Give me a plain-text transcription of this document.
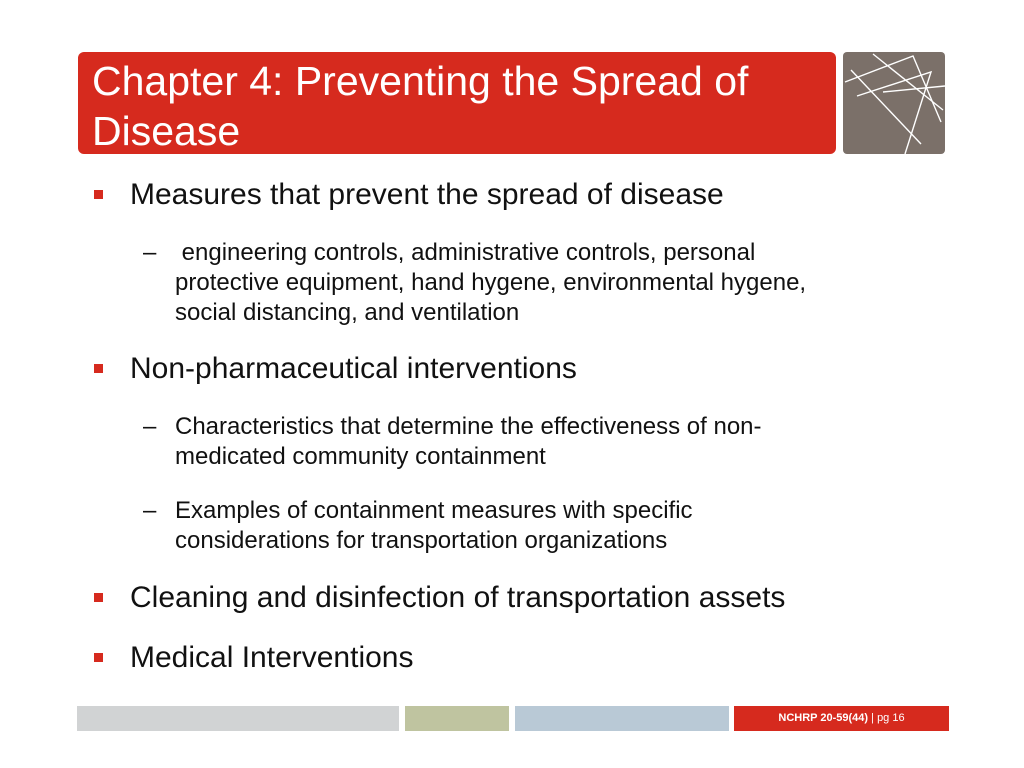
Chapter 4: Preventing the Spread of
Disease
Measures that prevent the spread of disease
– engineering controls, administrative controls, personal
protective equipment, hand hygene, environmental hygene,
social distancing, and ventilation
Non-pharmaceutical interventions
– Characteristics that determine the effectiveness of non-
medicated community containment
– Examples of containment measures with specific
considerations for transportation organizations
Cleaning and disinfection of transportation assets
Medical Interventions
NCHRP 20-59(44) | pg 16
